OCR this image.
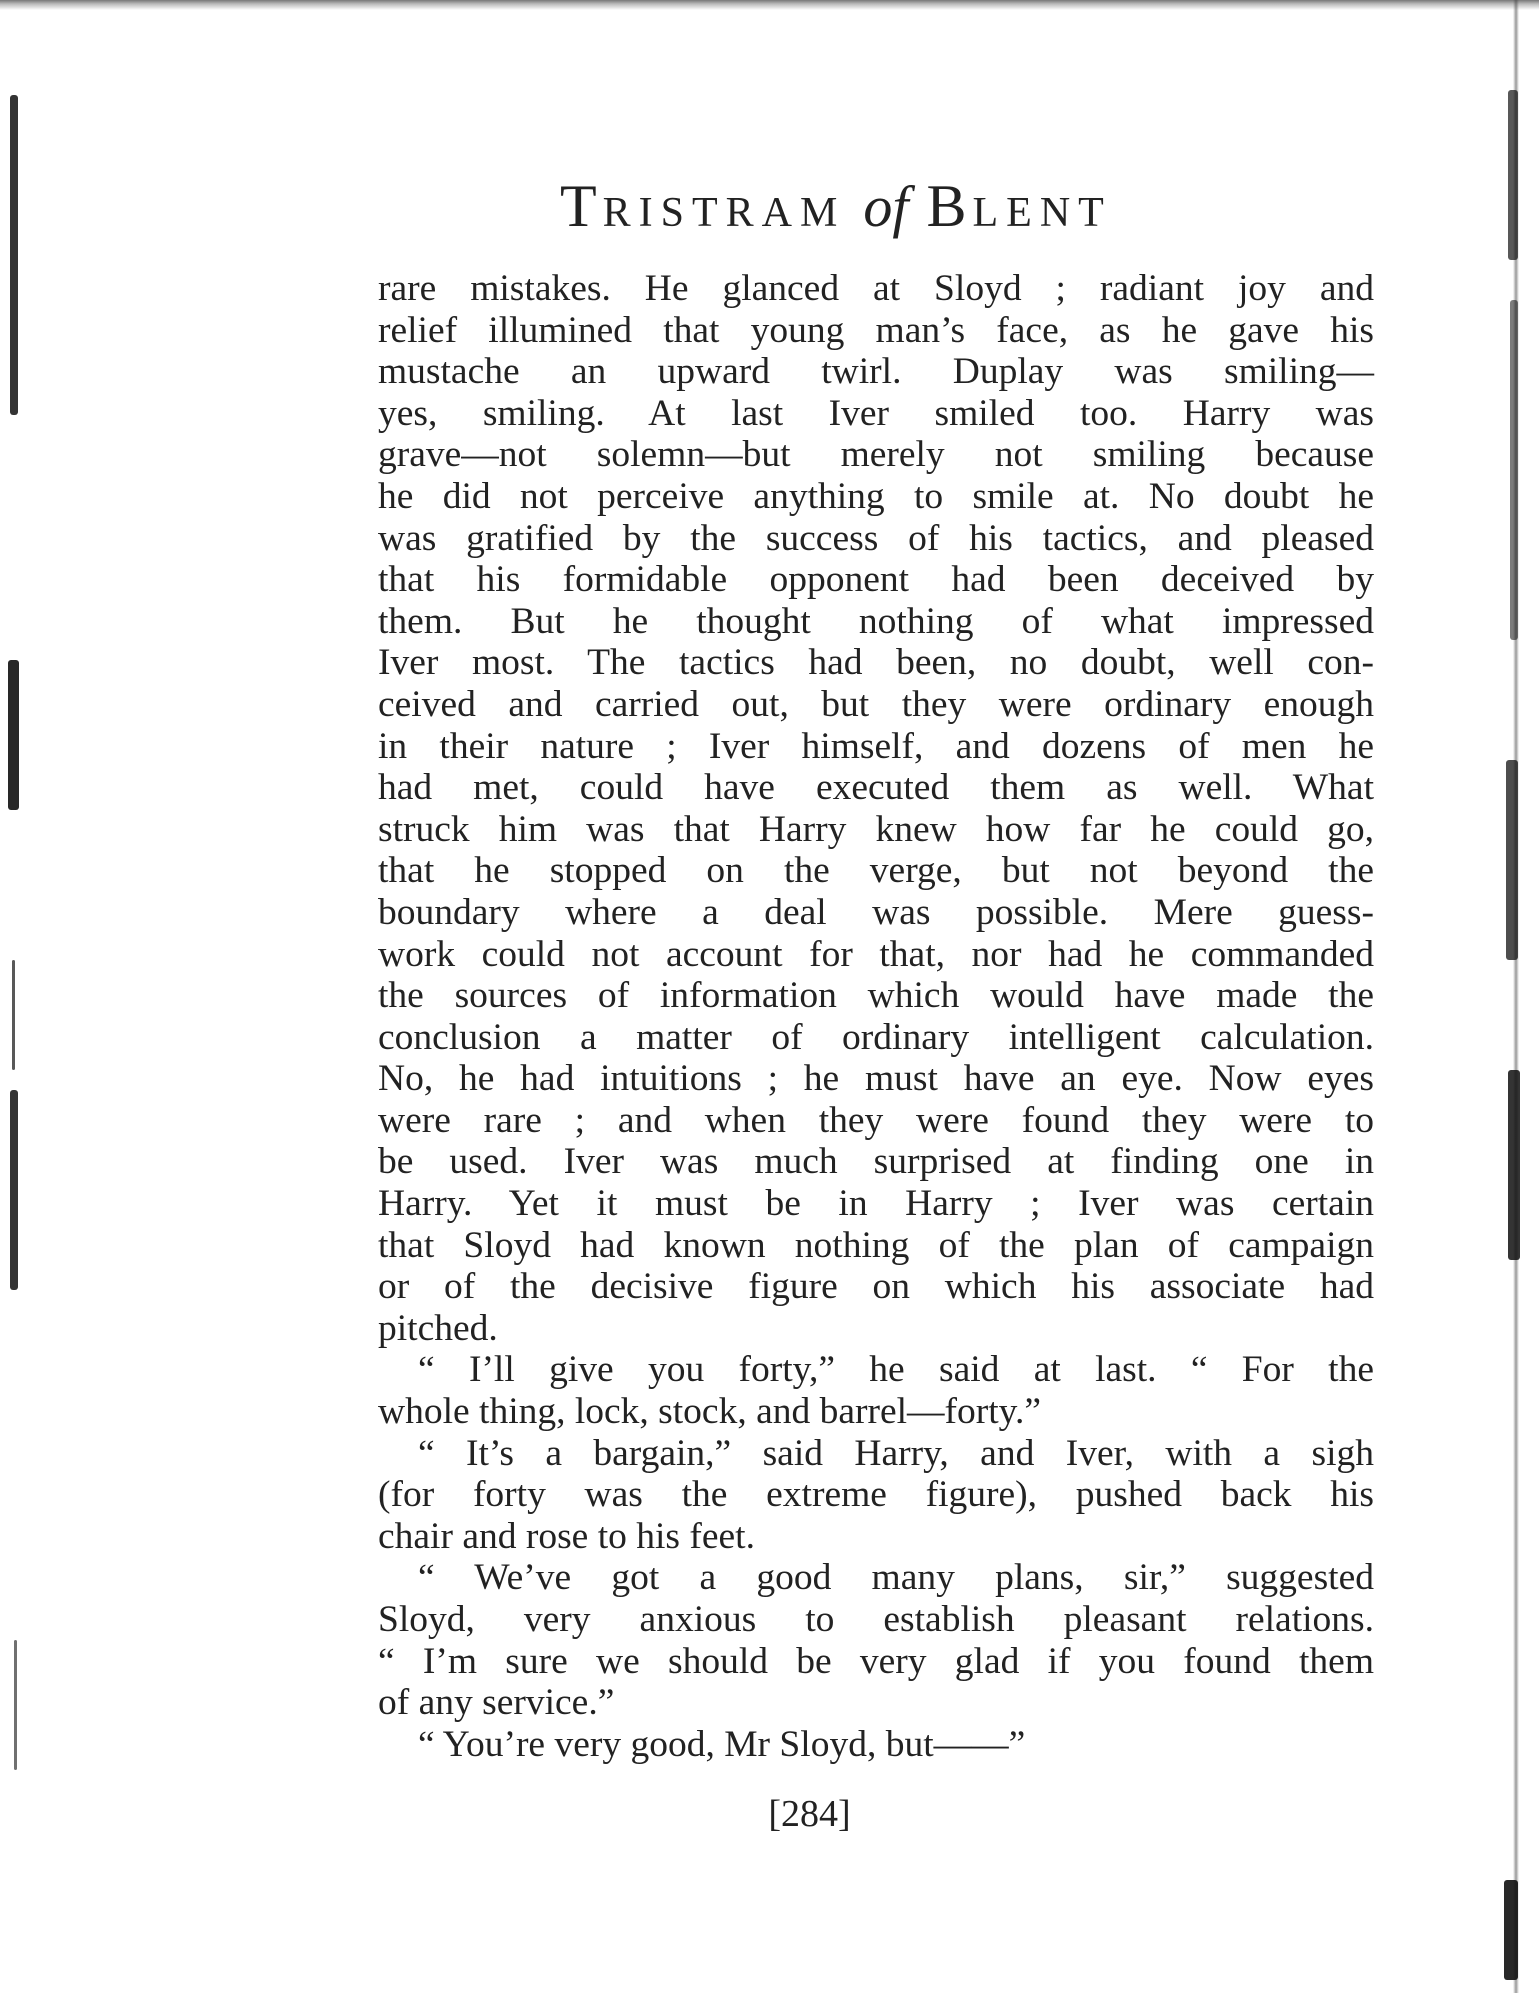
TRISTRAM of BLENT
rare mistakes. He glanced at Sloyd ; radiant joy and
relief illumined that young man’s face, as he gave his
mustache an upward twirl. Duplay was smiling—
yes, smiling. At last Iver smiled too. Harry was
grave—not solemn—but merely not smiling because
he did not perceive anything to smile at. No doubt he
was gratified by the success of his tactics, and pleased
that his formidable opponent had been deceived by
them. But he thought nothing of what impressed
Iver most. The tactics had been, no doubt, well con-
ceived and carried out, but they were ordinary enough
in their nature ; Iver himself, and dozens of men he
had met, could have executed them as well. What
struck him was that Harry knew how far he could go,
that he stopped on the verge, but not beyond the
boundary where a deal was possible. Mere guess-
work could not account for that, nor had he commanded
the sources of information which would have made the
conclusion a matter of ordinary intelligent calculation.
No, he had intuitions ; he must have an eye. Now eyes
were rare ; and when they were found they were to
be used. Iver was much surprised at finding one in
Harry. Yet it must be in Harry ; Iver was certain
that Sloyd had known nothing of the plan of campaign
or of the decisive figure on which his associate had
pitched.
“ I’ll give you forty,” he said at last. “ For the
whole thing, lock, stock, and barrel—forty.”
“ It’s a bargain,” said Harry, and Iver, with a sigh
(for forty was the extreme figure), pushed back his
chair and rose to his feet.
“ We’ve got a good many plans, sir,” suggested
Sloyd, very anxious to establish pleasant relations.
“ I’m sure we should be very glad if you found them
of any service.”
“ You’re very good, Mr Sloyd, but——”
[284]
